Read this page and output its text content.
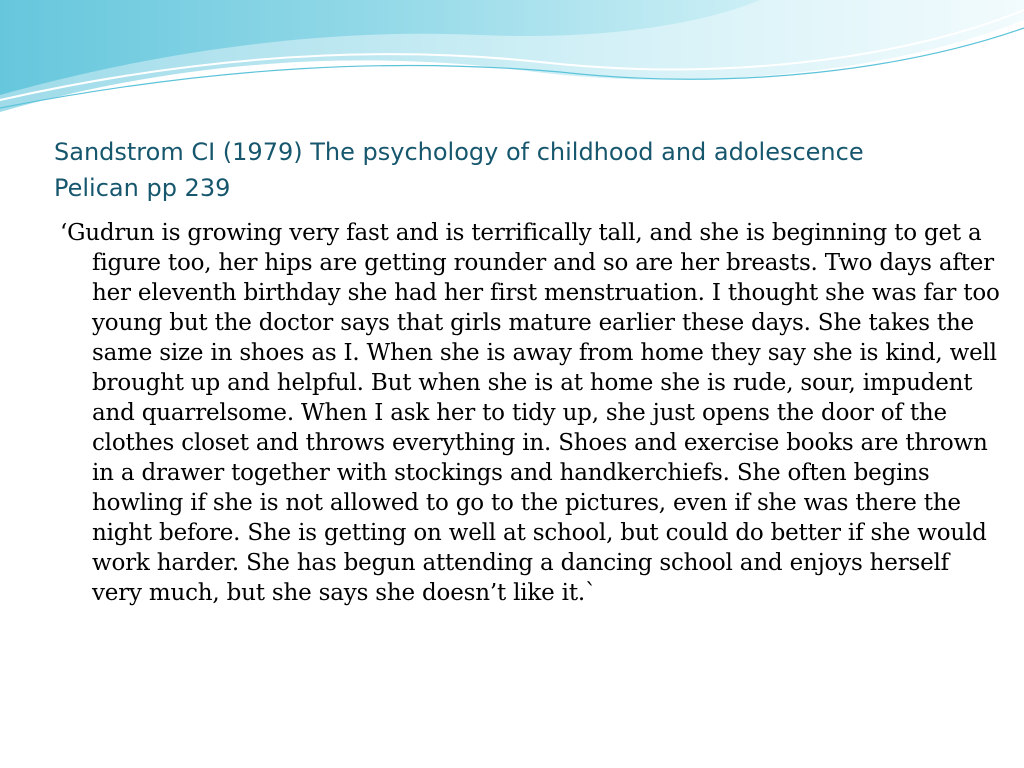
Sandstrom CI (1979) The psychology of childhood and adolescence
Pelican pp 239

‘Gudrun is growing very fast and is terrifically tall, and she is beginning to get a figure too, her hips are getting rounder and so are her breasts. Two days after her eleventh birthday she had her first menstruation. I thought she was far too young but the doctor says that girls mature earlier these days. She takes the same size in shoes as I. When she is away from home they say she is kind, well brought up and helpful. But when she is at home she is rude, sour, impudent and quarrelsome. When I ask her to tidy up, she just opens the door of the clothes closet and throws everything in. Shoes and exercise books are thrown in a drawer together with stockings and handkerchiefs. She often begins howling if she is not allowed to go to the pictures, even if she was there the night before. She is getting on well at school, but could do better if she would work harder. She has begun attending a dancing school and enjoys herself very much, but she says she doesn’t like it.`
